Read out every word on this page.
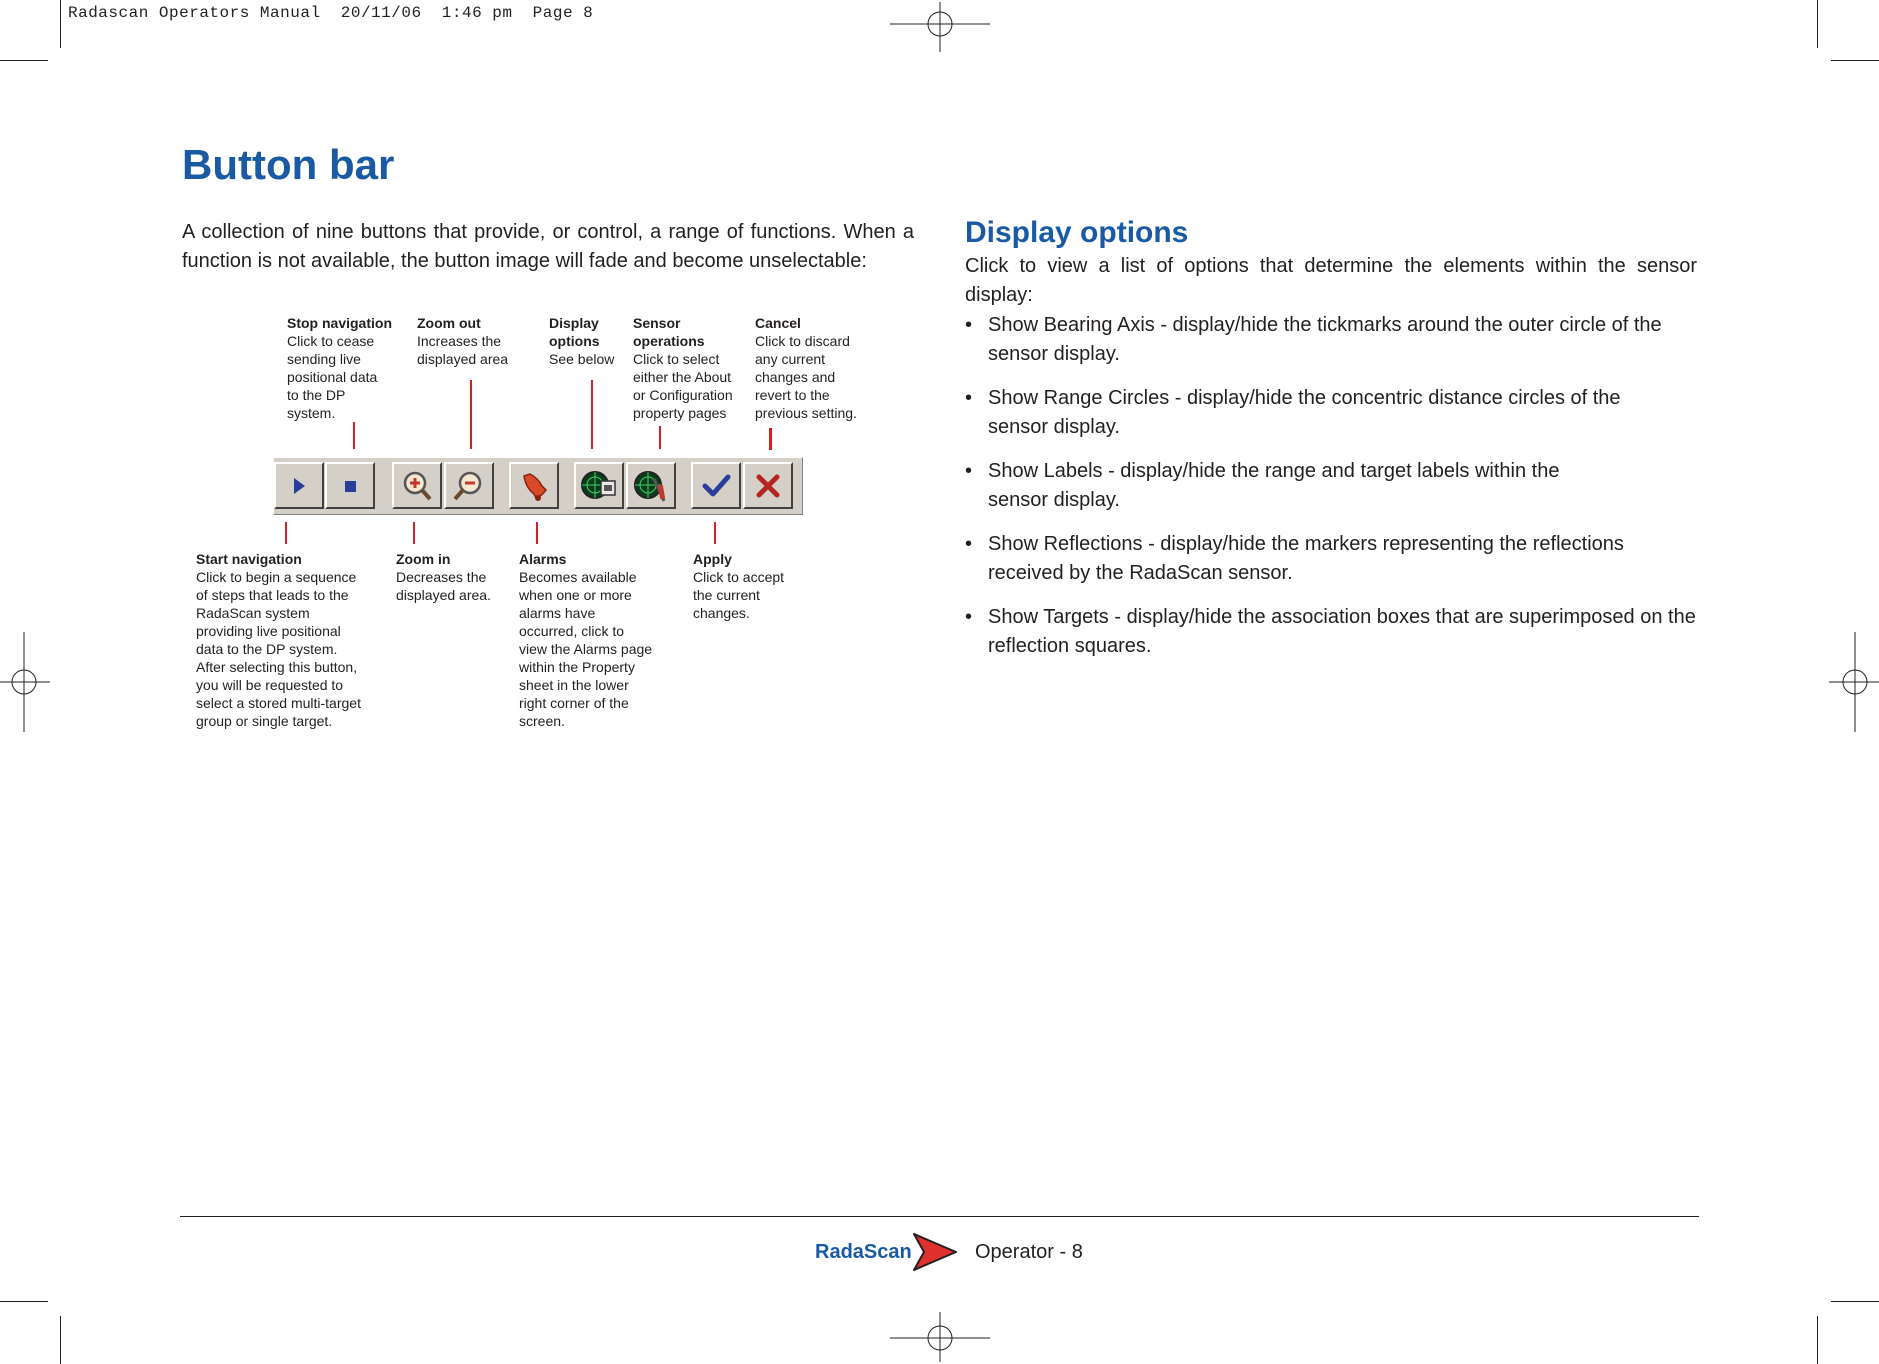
Radascan Operators Manual  20/11/06  1:46 pm  Page 8
Button bar
A collection of nine buttons that provide, or control, a range of functions. When a function is not available, the button image will fade and become unselectable:
Stop navigation
Click to cease
sending live
positional data
to the DP
system.
Zoom out
Increases the
displayed area
Display
options
See below
Sensor
operations
Click to select
either the About
or Configuration
property pages
Cancel
Click to discard
any current
changes and
revert to the
previous setting.
Start navigation
Click to begin a sequence
of steps that leads to the
RadaScan system
providing live positional
data to the DP system.
After selecting this button,
you will be requested to
select a stored multi-target
group or single target.
Zoom in
Decreases the
displayed area.
Alarms
Becomes available
when one or more
alarms have
occurred, click to
view the Alarms page
within the Property
sheet in the lower
right corner of the
screen.
Apply
Click to accept
the current
changes.
Display options
Click to view a list of options that determine the elements within the sensor display:
• Show Bearing Axis - display/hide the tickmarks around the outer circle of the sensor display.
• Show Range Circles - display/hide the concentric distance circles of the sensor display.
• Show Labels - display/hide the range and target labels within the sensor display.
• Show Reflections - display/hide the markers representing the reflections received by the RadaScan sensor.
• Show Targets - display/hide the association boxes that are superimposed on the reflection squares.
RadaScan	Operator - 8
